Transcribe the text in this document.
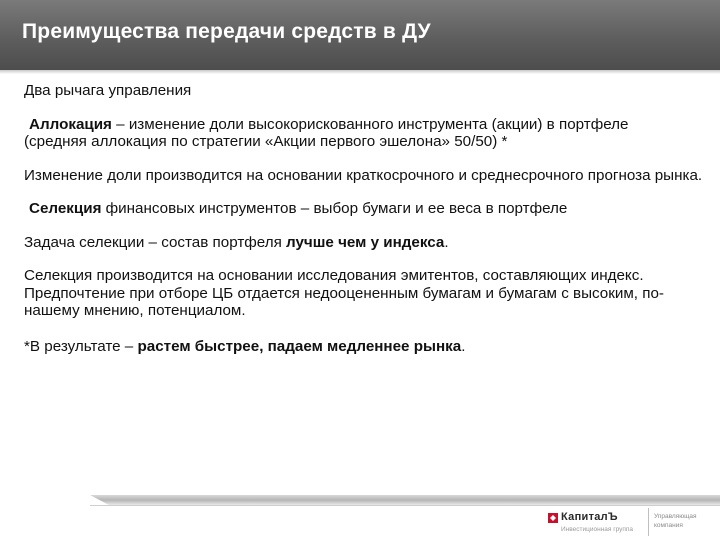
Преимущества передачи средств в ДУ

Два рычага управления

Аллокация – изменение доли высокорискованного инструмента (акции) в портфеле

(средняя аллокация по стратегии «Акции первого эшелона» 50/50) *

Изменение доли производится на основании краткосрочного и среднесрочного прогноза рынка.

Селекция финансовых инструментов – выбор бумаги и ее веса в портфеле

Задача селекции – состав портфеля лучше чем у индекса.

Селекция производится на основании исследования эмитентов, составляющих индекс. Предпочтение при отборе ЦБ отдается недооцененным бумагам и бумагам с высоким, по-нашему мнению, потенциалом.

*В результате – растем быстрее, падаем медленнее рынка.

КапиталЪ
Инвестиционная группа
Управляющая компания
